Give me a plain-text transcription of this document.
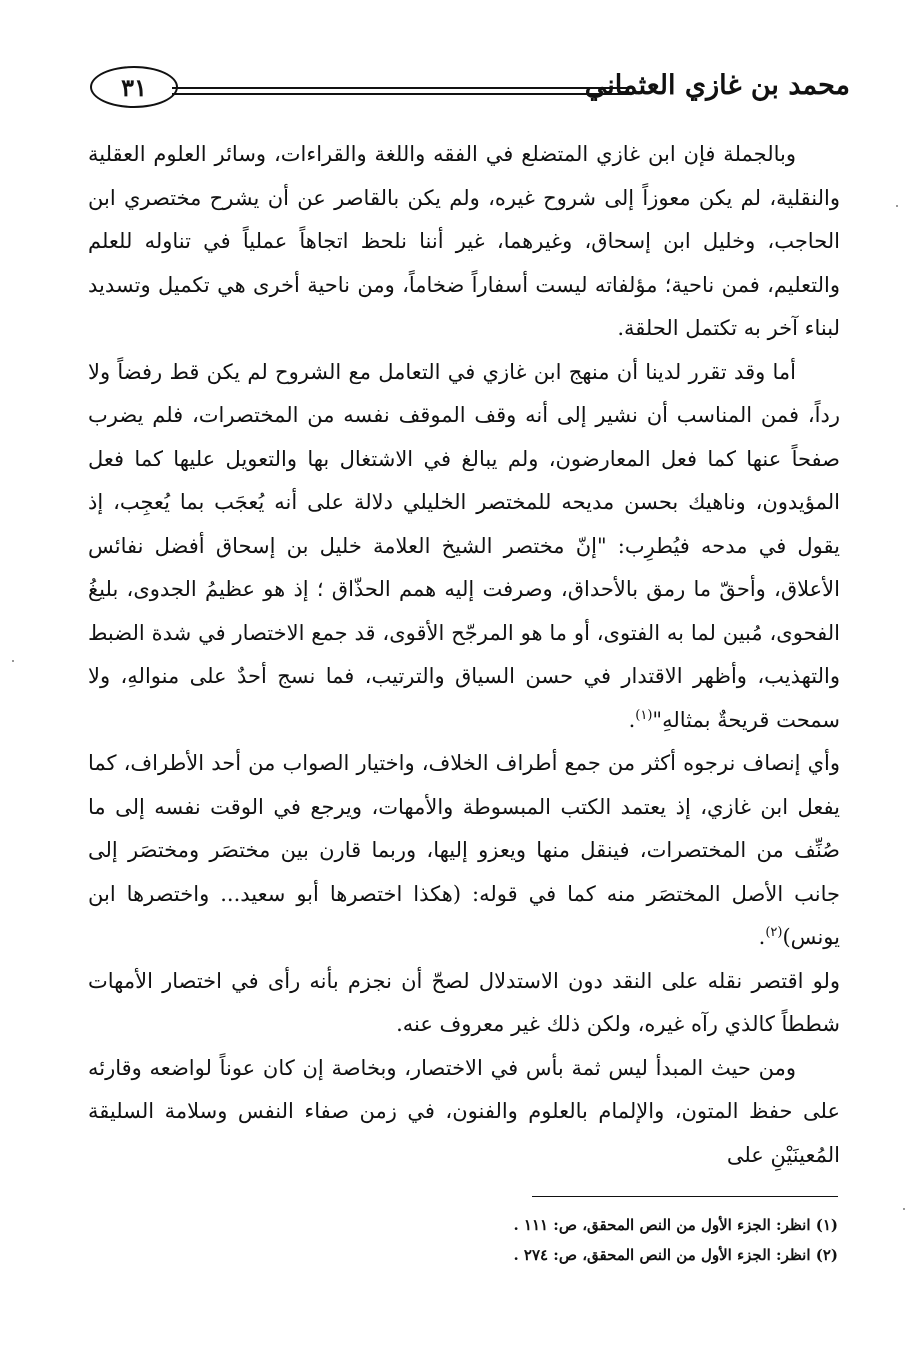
محمد بن غازي العثماني
٣١

وبالجملة فإن ابن غازي المتضلع في الفقه واللغة والقراءات، وسائر العلوم العقلية والنقلية، لم يكن معوزاً إلى شروح غيره، ولم يكن بالقاصر عن أن يشرح مختصري ابن الحاجب، وخليل ابن إسحاق، وغيرهما، غير أننا نلحظ اتجاهاً عملياً في تناوله للعلم والتعليم، فمن ناحية؛ مؤلفاته ليست أسفاراً ضخاماً، ومن ناحية أخرى هي تكميل وتسديد لبناء آخر به تكتمل الحلقة.

أما وقد تقرر لدينا أن منهج ابن غازي في التعامل مع الشروح لم يكن قط رفضاً ولا رداً، فمن المناسب أن نشير إلى أنه وقف الموقف نفسه من المختصرات، فلم يضرب صفحاً عنها كما فعل المعارضون، ولم يبالغ في الاشتغال بها والتعويل عليها كما فعل المؤيدون، وناهيك بحسن مديحه للمختصر الخليلي دلالة على أنه يُعجَب بما يُعجِب، إذ يقول في مدحه فيُطرِب: "إنّ مختصر الشيخ العلامة خليل بن إسحاق أفضل نفائس الأعلاق، وأحقّ ما رمق بالأحداق، وصرفت إليه همم الحذّاق ؛ إذ هو عظيمُ الجدوى، بليغُ الفحوى، مُبين لما به الفتوى، أو ما هو المرجّح الأقوى، قد جمع الاختصار في شدة الضبط والتهذيب، وأظهر الاقتدار في حسن السياق والترتيب، فما نسج أحدٌ على منوالهِ، ولا سمحت قريحةٌ بمثالهِ"$^{(١)}$.

وأي إنصاف نرجوه أكثر من جمع أطراف الخلاف، واختيار الصواب من أحد الأطراف، كما يفعل ابن غازي، إذ يعتمد الكتب المبسوطة والأمهات، ويرجع في الوقت نفسه إلى ما صُنِّف من المختصرات، فينقل منها ويعزو إليها، وربما قارن بين مختصَر ومختصَر إلى جانب الأصل المختصَر منه كما في قوله: (هكذا اختصرها أبو سعيد... واختصرها ابن يونس)$^{(٢)}$.

ولو اقتصر نقله على النقد دون الاستدلال لصحّ أن نجزم بأنه رأى في اختصار الأمهات شططاً كالذي رآه غيره، ولكن ذلك غير معروف عنه.

ومن حيث المبدأ ليس ثمة بأس في الاختصار، وبخاصة إن كان عوناً لواضعه وقارئه على حفظ المتون، والإلمام بالعلوم والفنون، في زمن صفاء النفس وسلامة السليقة المُعينَيْنِ على

(١) انظر: الجزء الأول من النص المحقق، ص: ١١١ .

(٢) انظر: الجزء الأول من النص المحقق، ص: ٢٧٤ .
